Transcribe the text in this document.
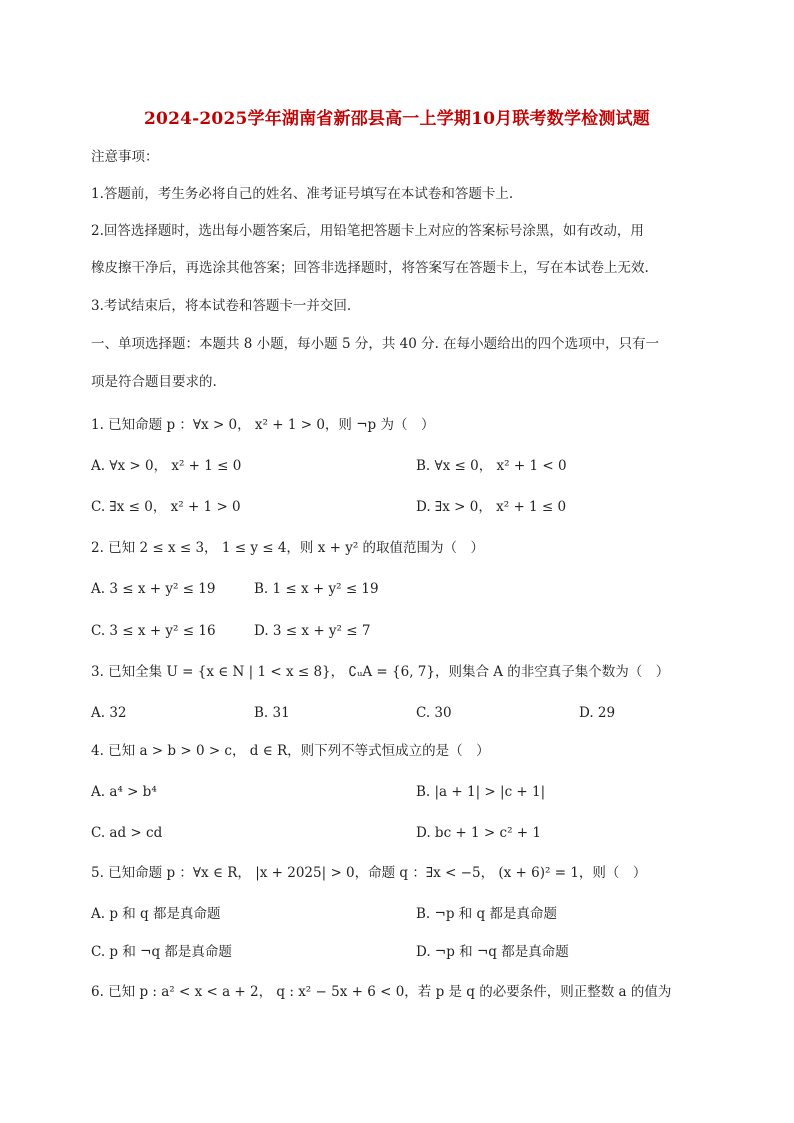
2024-2025学年湖南省新邵县高一上学期10月联考数学检测试题
注意事项：
1.答题前，考生务必将自己的姓名、准考证号填写在本试卷和答题卡上.
2.回答选择题时，选出每小题答案后，用铅笔把答题卡上对应的答案标号涂黑，如有改动，用
橡皮擦干净后，再选涂其他答案；回答非选择题时，将答案写在答题卡上，写在本试卷上无效.
3.考试结束后，将本试卷和答题卡一并交回.
一、单项选择题：本题共 8 小题，每小题 5 分，共 40 分. 在每小题给出的四个选项中，只有一
项是符合题目要求的.
1. 已知命题 p ：∀x > 0， x² + 1 > 0，则 ¬p 为（　）
A. ∀x > 0， x² + 1 ≤ 0	B. ∀x ≤ 0， x² + 1 < 0
C. ∃x ≤ 0， x² + 1 > 0	D. ∃x > 0， x² + 1 ≤ 0
2. 已知 2 ≤ x ≤ 3， 1 ≤ y ≤ 4，则 x + y² 的取值范围为（　）
A. 3 ≤ x + y² ≤ 19	B. 1 ≤ x + y² ≤ 19
C. 3 ≤ x + y² ≤ 16	D. 3 ≤ x + y² ≤ 7
3. 已知全集 U = {x ∈ N | 1 < x ≤ 8}， ∁ᵤA = {6, 7}，则集合 A 的非空真子集个数为（　）
A. 32	B. 31	C. 30	D. 29
4. 已知 a > b > 0 > c， d ∈ R，则下列不等式恒成立的是（　）
A. a⁴ > b⁴	B. |a + 1| > |c + 1|
C. ad > cd	D. bc + 1 > c² + 1
5. 已知命题 p ：∀x ∈ R， |x + 2025| > 0，命题 q ：∃x < −5， (x + 6)² = 1，则（　）
A. p 和 q 都是真命题	B. ¬p 和 q 都是真命题
C. p 和 ¬q 都是真命题	D. ¬p 和 ¬q 都是真命题
6. 已知 p : a² < x < a + 2， q : x² − 5x + 6 < 0，若 p 是 q 的必要条件，则正整数 a 的值为
